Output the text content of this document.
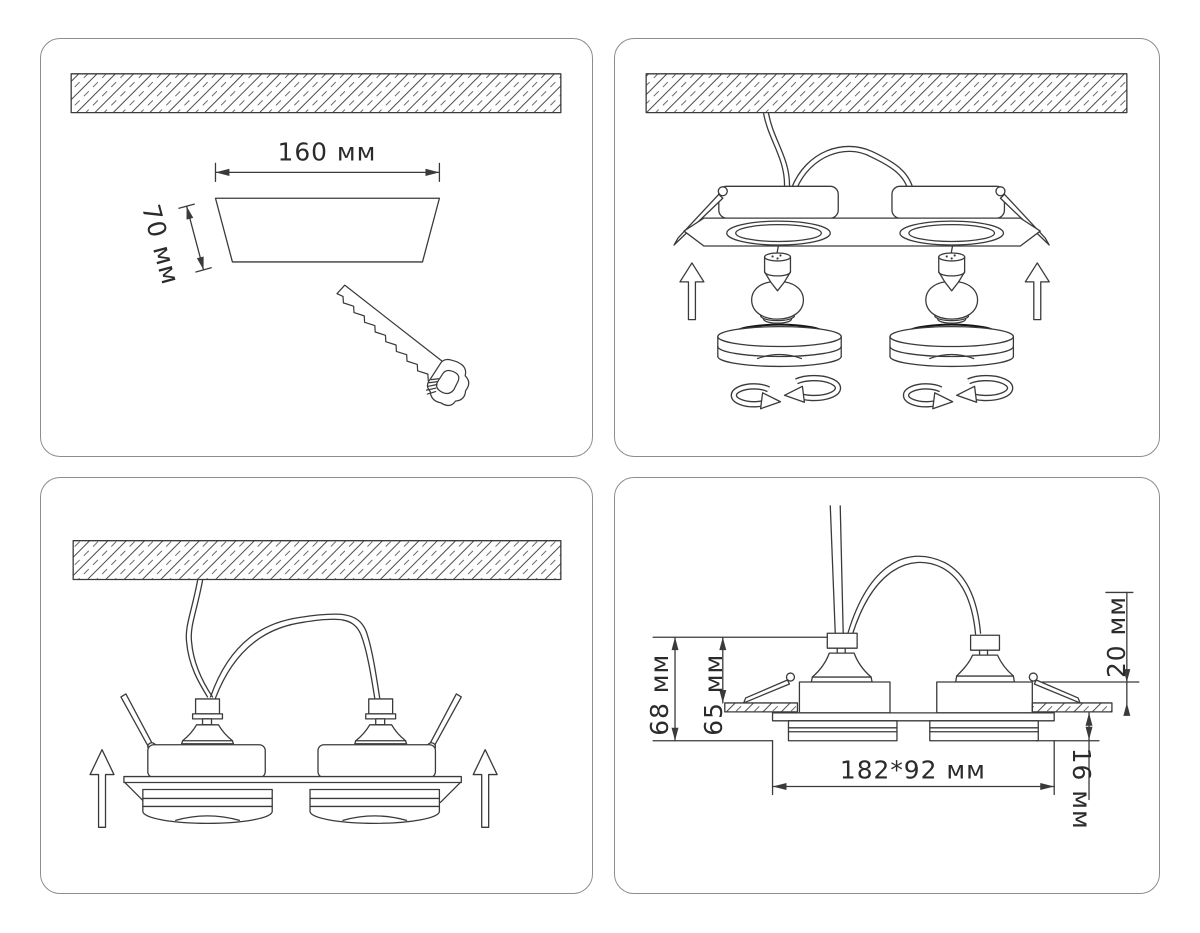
160 мм
70 мм
68 мм 65 мм
20 мм
16 мм
182*92 мм
